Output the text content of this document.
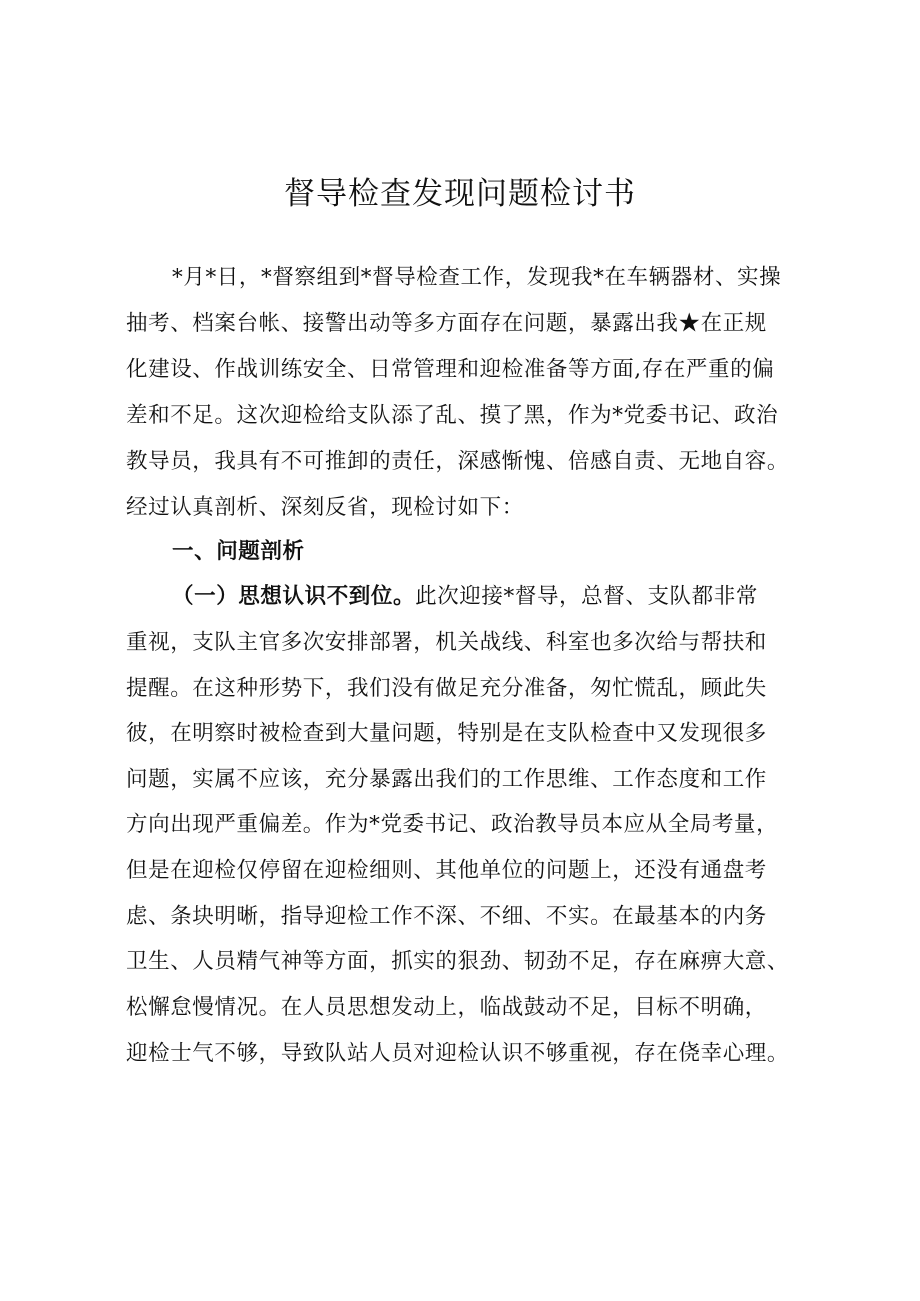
督导检查发现问题检讨书
*月*日，*督察组到*督导检查工作，发现我*在车辆器材、实操
抽考、档案台帐、接警出动等多方面存在问题，暴露出我★在正规
化建设、作战训练安全、日常管理和迎检准备等方面,存在严重的偏
差和不足。这次迎检给支队添了乱、摸了黑，作为*党委书记、政治
教导员，我具有不可推卸的责任，深感惭愧、倍感自责、无地自容。
经过认真剖析、深刻反省，现检讨如下：
一、问题剖析
（一）思想认识不到位。此次迎接*督导，总督、支队都非常
重视，支队主官多次安排部署，机关战线、科室也多次给与帮扶和
提醒。在这种形势下，我们没有做足充分准备，匆忙慌乱，顾此失
彼，在明察时被检查到大量问题，特别是在支队检查中又发现很多
问题，实属不应该，充分暴露出我们的工作思维、工作态度和工作
方向出现严重偏差。作为*党委书记、政治教导员本应从全局考量，
但是在迎检仅停留在迎检细则、其他单位的问题上，还没有通盘考
虑、条块明晰，指导迎检工作不深、不细、不实。在最基本的内务
卫生、人员精气神等方面，抓实的狠劲、韧劲不足，存在麻痹大意、
松懈怠慢情况。在人员思想发动上，临战鼓动不足，目标不明确，
迎检士气不够，导致队站人员对迎检认识不够重视，存在侥幸心理。
